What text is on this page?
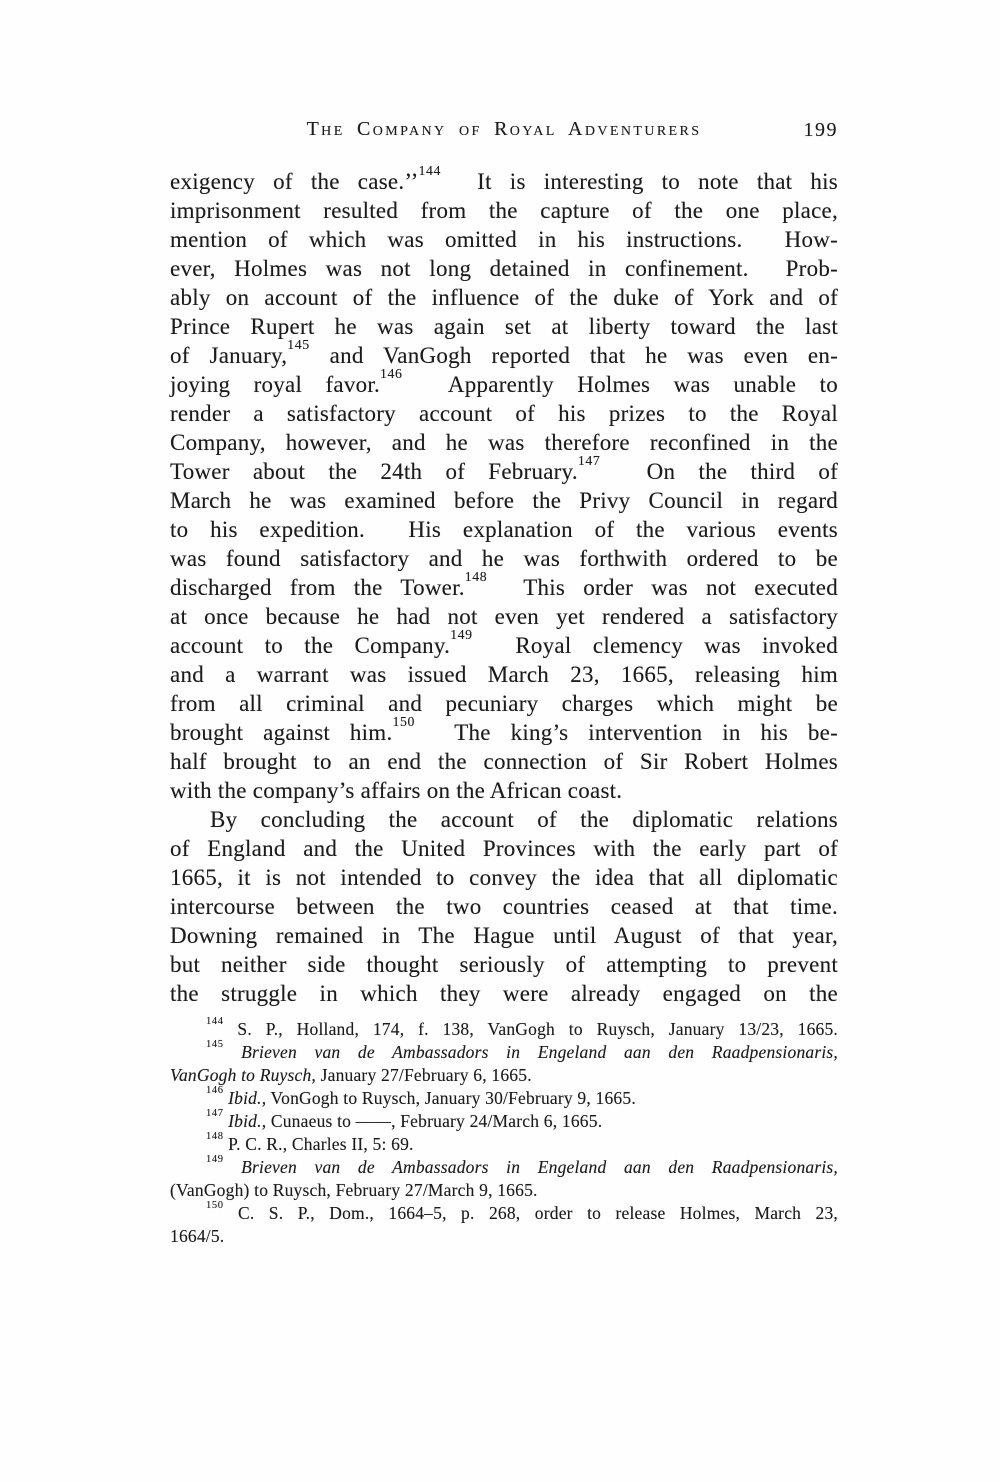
The Company of Royal Adventurers	199
exigency of the case.’’$^{144}$  It is interesting to note that his
imprisonment resulted from the capture of the one place,
mention of which was omitted in his instructions.  How-
ever, Holmes was not long detained in confinement.  Prob-
ably on account of the influence of the duke of York and of
Prince Rupert he was again set at liberty toward the last
of January,$^{145}$ and VanGogh reported that he was even en-
joying royal favor.$^{146}$  Apparently Holmes was unable to
render a satisfactory account of his prizes to the Royal
Company, however, and he was therefore reconfined in the
Tower about the 24th of February.$^{147}$  On the third of
March he was examined before the Privy Council in regard
to his expedition.  His explanation of the various events
was found satisfactory and he was forthwith ordered to be
discharged from the Tower.$^{148}$  This order was not executed
at once because he had not even yet rendered a satisfactory
account to the Company.$^{149}$  Royal clemency was invoked
and a warrant was issued March 23, 1665, releasing him
from all criminal and pecuniary charges which might be
brought against him.$^{150}$  The king’s intervention in his be-
half brought to an end the connection of Sir Robert Holmes
with the company’s affairs on the African coast.
By concluding the account of the diplomatic relations
of England and the United Provinces with the early part of
1665, it is not intended to convey the idea that all diplomatic
intercourse between the two countries ceased at that time.
Downing remained in The Hague until August of that year,
but neither side thought seriously of attempting to prevent
the struggle in which they were already engaged on the
$^{144}$ S. P., Holland, 174, f. 138, VanGogh to Ruysch, January 13/23, 1665.
$^{145}$ Brieven van de Ambassadors in Engeland aan den Raadpensionaris,
VanGogh to Ruysch, January 27/February 6, 1665.
$^{146}$ Ibid., VonGogh to Ruysch, January 30/February 9, 1665.
$^{147}$ Ibid., Cunaeus to ——, February 24/March 6, 1665.
$^{148}$ P. C. R., Charles II, 5: 69.
$^{149}$ Brieven van de Ambassadors in Engeland aan den Raadpensionaris,
(VanGogh) to Ruysch, February 27/March 9, 1665.
$^{150}$ C. S. P., Dom., 1664–5, p. 268, order to release Holmes, March 23,
1664/5.
